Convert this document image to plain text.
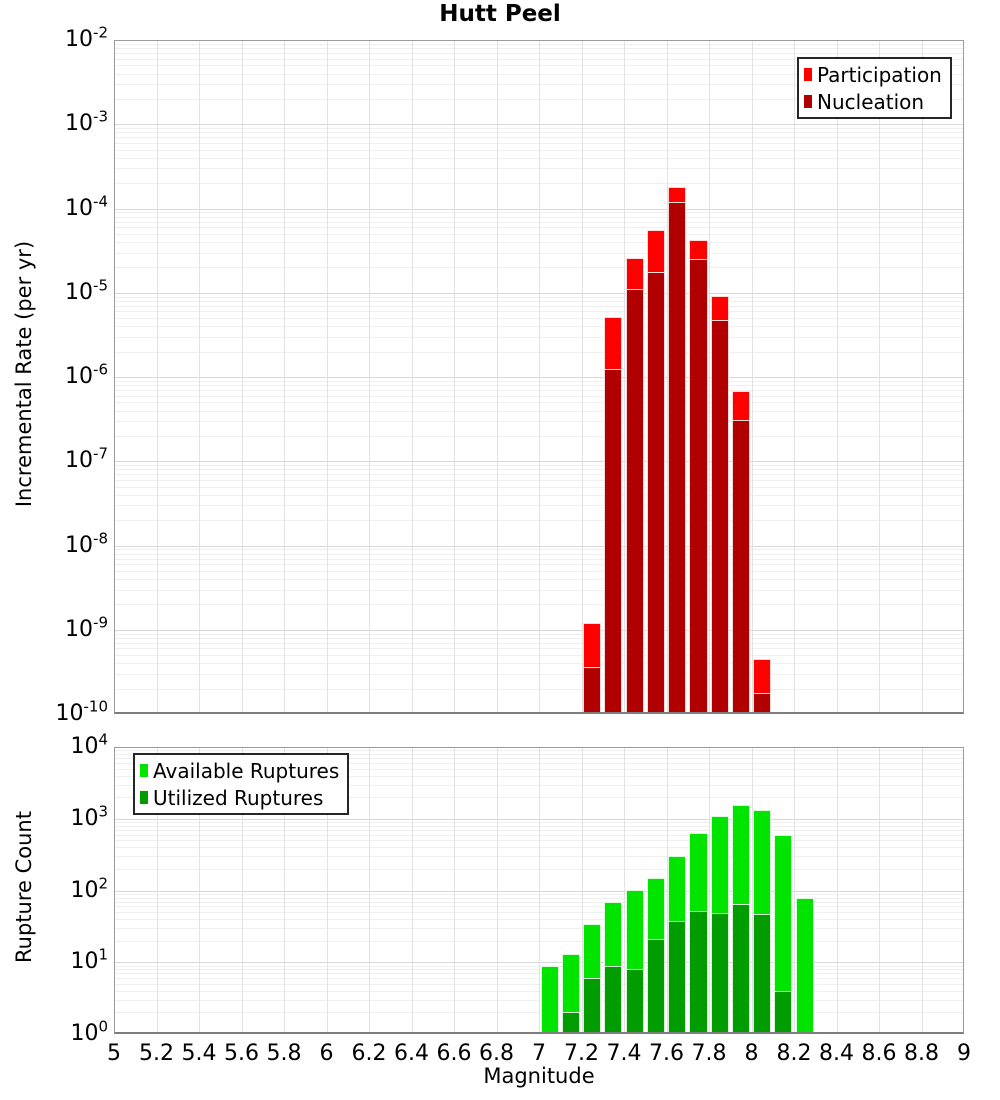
Hutt Peel
Incremental Rate (per yr)
Rupture Count
Magnitude
$10^{-2}$
$10^{-3}$
$10^{-4}$
$10^{-5}$
$10^{-6}$
$10^{-7}$
$10^{-8}$
$10^{-9}$
$10^{-10}$
$10^4$
$10^3$
$10^2$
$10^1$
$10^0$
5 5.2 5.4 5.6 5.8 6 6.2 6.4 6.6 6.8 7 7.2 7.4 7.6 7.8 8 8.2 8.4 8.6 8.8 9
Participation
Nucleation
Available Ruptures
Utilized Ruptures
